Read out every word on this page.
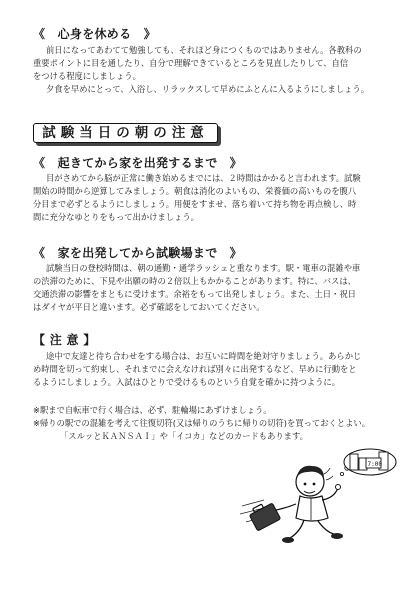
《　心身を休める　》
前日になってあわてて勉強しても、それほど身につくものではありません。各教科の
重要ポイントに目を通したり、自分で理解できているところを見直したりして、自信
をつける程度にしましょう。
夕食を早めにとって、入浴し、リラックスして早めにふとんに入るようにしましょう。
試験当日の朝の注意
《　起きてから家を出発するまで　》
目がさめてから脳が正常に働き始めるまでには、２時間はかかると言われます。試験
開始の時間から逆算してみましょう。朝食は消化のよいもの、栄養価の高いものを腹八
分目まで必ずとるようにしましょう。用便をすませ、落ち着いて持ち物を再点検し、時
間に充分なゆとりをもって出かけましょう。
《　家を出発してから試験場まで　》
試験当日の登校時間は、朝の通勤・通学ラッシュと重なります。駅・電車の混雑や車
の渋滞のために、下見や出願の時の２倍以上もかかることがあります。特に、バスは、
交通渋滞の影響をまともに受けます。余裕をもって出発しましょう。また、土日・祝日
はダイヤが平日と違います。必ず確認をしておいてください。
【 注 意 】
途中で友達と待ち合わせをする場合は、お互いに時間を絶対守りましょう。あらかじ
め時間を切って約束し、それまでに会えなければ別々に出発するなど、早めに行動をと
るようにしましょう。入試はひとりで受けるものという自覚を確かに持つように。
※駅まで自転車で行く場合は、必ず、駐輪場にあずけましょう。
※帰りの駅での混雑を考えて往復切符(又は帰りのうちに帰りの切符)を買っておくとよい。
「スルッとＫＡＮＳＡＩ」や「イコカ」などのカードもあります。
7:00
